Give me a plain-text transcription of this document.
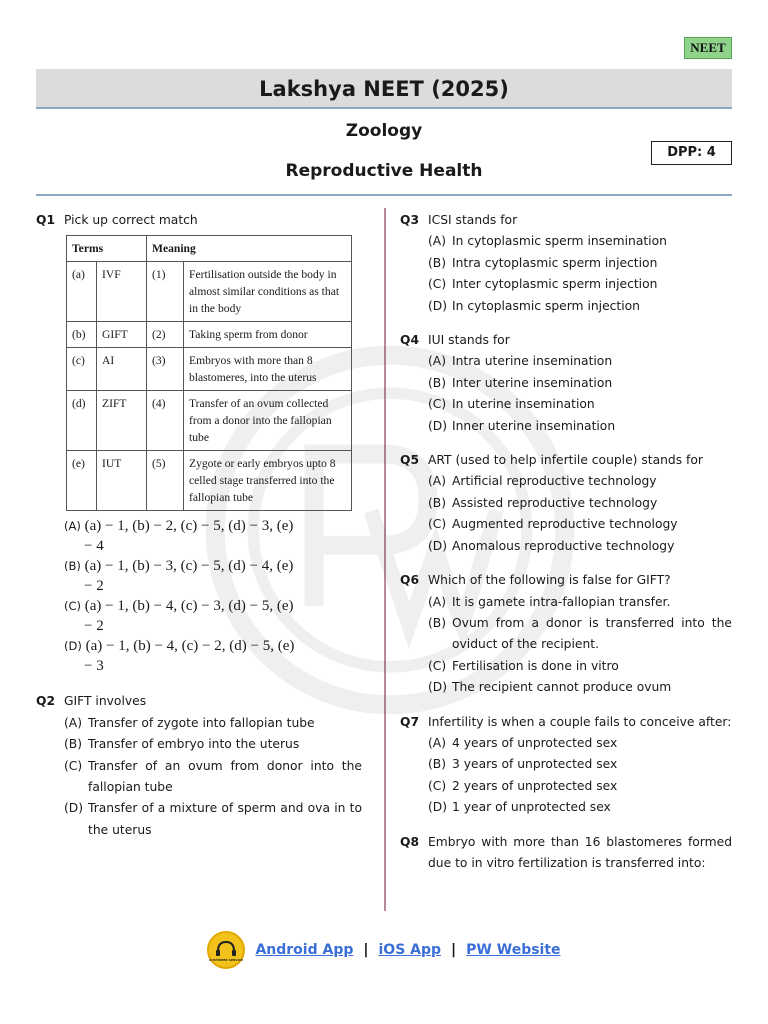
NEET
Lakshya NEET (2025)
Zoology
Reproductive Health
DPP: 4
Q1 Pick up correct match
Terms		Meaning	
(a)	IVF	(1)	Fertilisation outside the body in almost similar conditions as that in the body
(b)	GIFT	(2)	Taking sperm from donor
(c)	AI	(3)	Embryos with more than 8 blastomeres, into the uterus
(d)	ZIFT	(4)	Transfer of an ovum collected from a donor into the fallopian tube
(e)	IUT	(5)	Zygote or early embryos upto 8 celled stage transferred into the fallopian tube
(A) (a) − 1, (b) − 2, (c) − 5, (d) − 3, (e)
− 4
(B) (a) − 1, (b) − 3, (c) − 5, (d) − 4, (e)
− 2
(C) (a) − 1, (b) − 4, (c) − 3, (d) − 5, (e)
− 2
(D) (a) − 1, (b) − 4, (c) − 2, (d) − 5, (e)
− 3
Q2 GIFT involves
(A) Transfer of zygote into fallopian tube
(B) Transfer of embryo into the uterus
(C) Transfer of an ovum from donor into the fallopian tube
(D) Transfer of a mixture of sperm and ova in to the uterus
Q3 ICSI stands for
(A) In cytoplasmic sperm insemination
(B) Intra cytoplasmic sperm injection
(C) Inter cytoplasmic sperm injection
(D) In cytoplasmic sperm injection
Q4 IUI stands for
(A) Intra uterine insemination
(B) Inter uterine insemination
(C) In uterine insemination
(D) Inner uterine insemination
Q5 ART (used to help infertile couple) stands for
(A) Artificial reproductive technology
(B) Assisted reproductive technology
(C) Augmented reproductive technology
(D) Anomalous reproductive technology
Q6 Which of the following is false for GIFT?
(A) It is gamete intra-fallopian transfer.
(B) Ovum from a donor is transferred into the oviduct of the recipient.
(C) Fertilisation is done in vitro
(D) The recipient cannot produce ovum
Q7 Infertility is when a couple fails to conceive after:
(A) 4 years of unprotected sex
(B) 3 years of unprotected sex
(C) 2 years of unprotected sex
(D) 1 year of unprotected sex
Q8 Embryo with more than 16 blastomeres formed due to in vitro fertilization is transferred into:
CUSTOMER SERVICE
Android App | iOS App | PW Website
